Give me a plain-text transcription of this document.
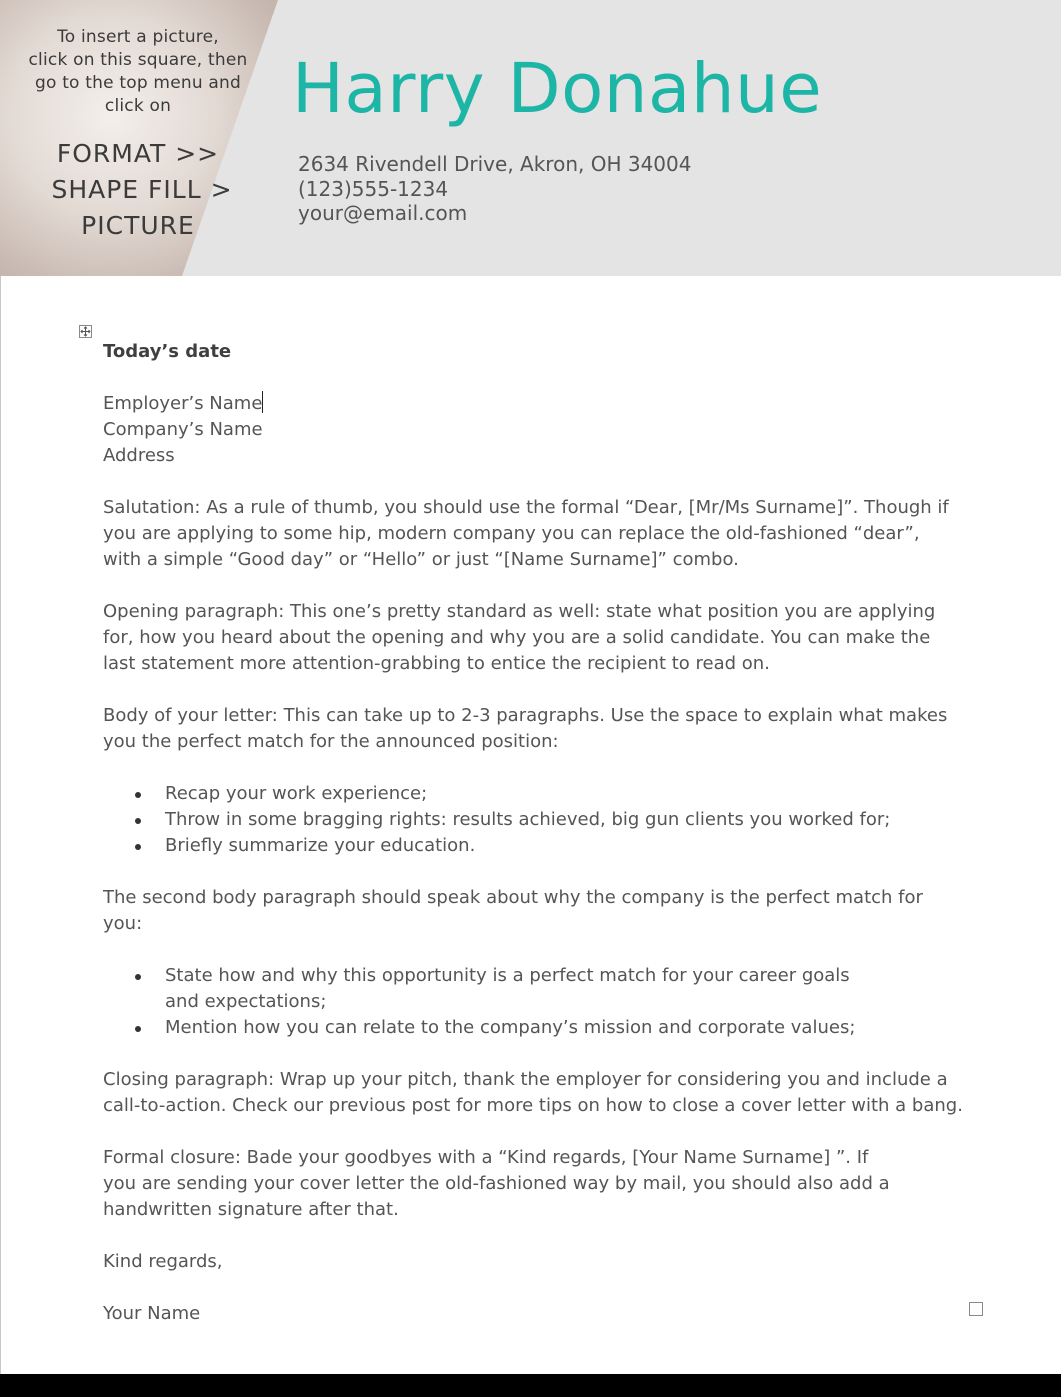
To insert a picture,
click on this square, then
go to the top menu and
click on
FORMAT >>
SHAPE FILL >
PICTURE
Harry Donahue
2634 Rivendell Drive, Akron, OH 34004
(123)555-1234
your@email.com

Today’s date

Employer’s Name

Company’s Name

Address

Salutation: As a rule of thumb, you should use the formal “Dear, [Mr/Ms Surname]”. Though if you are applying to some hip, modern company you can replace the old-fashioned “dear”, with a simple “Good day” or “Hello” or just “[Name Surname]” combo.

Opening paragraph: This one’s pretty standard as well: state what position you are applying for, how you heard about the opening and why you are a solid candidate. You can make the last statement more attention-grabbing to entice the recipient to read on.

Body of your letter: This can take up to 2-3 paragraphs. Use the space to explain what makes you the perfect match for the announced position:

Recap your work experience;
Throw in some bragging rights: results achieved, big gun clients you worked for;
Briefly summarize your education.

The second body paragraph should speak about why the company is the perfect match for you:

State how and why this opportunity is a perfect match for your career goals and expectations;
Mention how you can relate to the company’s mission and corporate values;

Closing paragraph: Wrap up your pitch, thank the employer for considering you and include a call-to-action. Check our previous post for more tips on how to close a cover letter with a bang.

Formal closure: Bade your goodbyes with a “Kind regards, [Your Name Surname] ”. If you are sending your cover letter the old-fashioned way by mail, you should also add a handwritten signature after that.

Kind regards,

Your Name
